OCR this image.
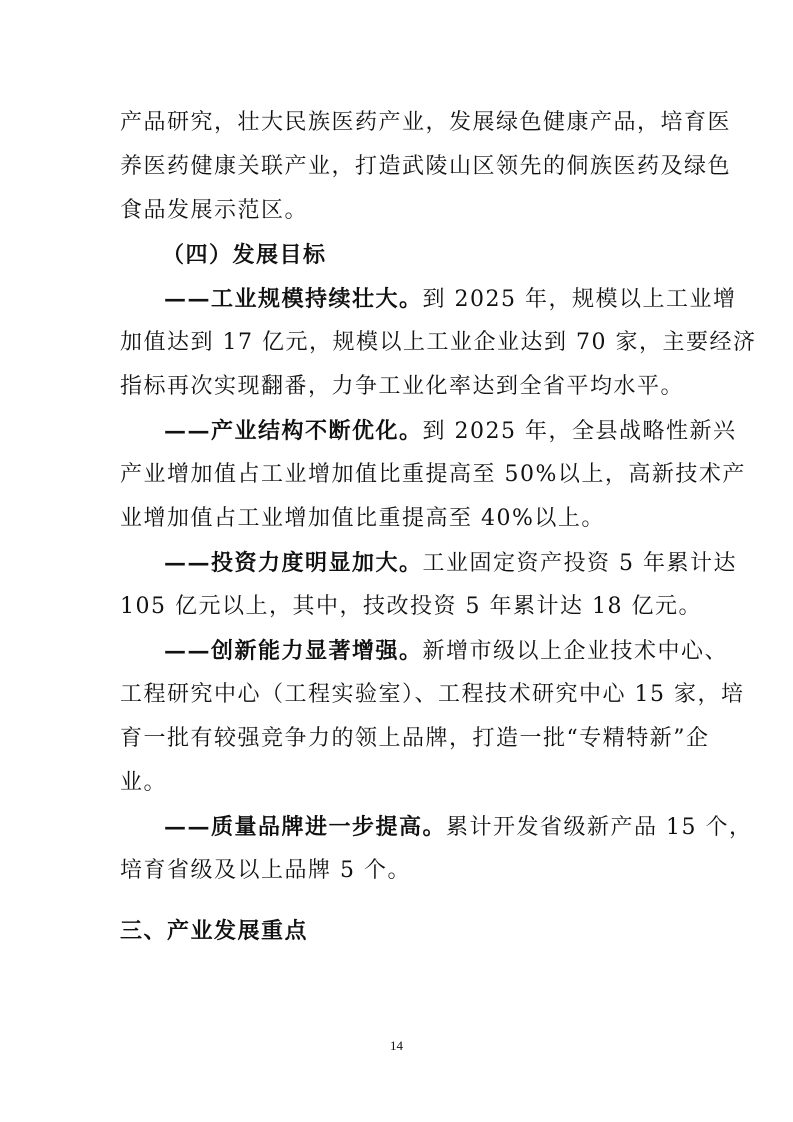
产品研究，壮大民族医药产业，发展绿色健康产品，培育医
养医药健康关联产业，打造武陵山区领先的侗族医药及绿色
食品发展示范区。
（四）发展目标
——工业规模持续壮大。到 2025 年，规模以上工业增
加值达到 17 亿元，规模以上工业企业达到 70 家，主要经济
指标再次实现翻番，力争工业化率达到全省平均水平。
——产业结构不断优化。到 2025 年，全县战略性新兴
产业增加值占工业增加值比重提高至 50%以上，高新技术产
业增加值占工业增加值比重提高至 40%以上。
——投资力度明显加大。工业固定资产投资 5 年累计达
105 亿元以上，其中，技改投资 5 年累计达 18 亿元。
——创新能力显著增强。新增市级以上企业技术中心、
工程研究中心（工程实验室）、工程技术研究中心 15 家，培
育一批有较强竞争力的领上品牌，打造一批“专精特新”企
业。
——质量品牌进一步提高。累计开发省级新产品 15 个，
培育省级及以上品牌 5 个。
三、产业发展重点
14
